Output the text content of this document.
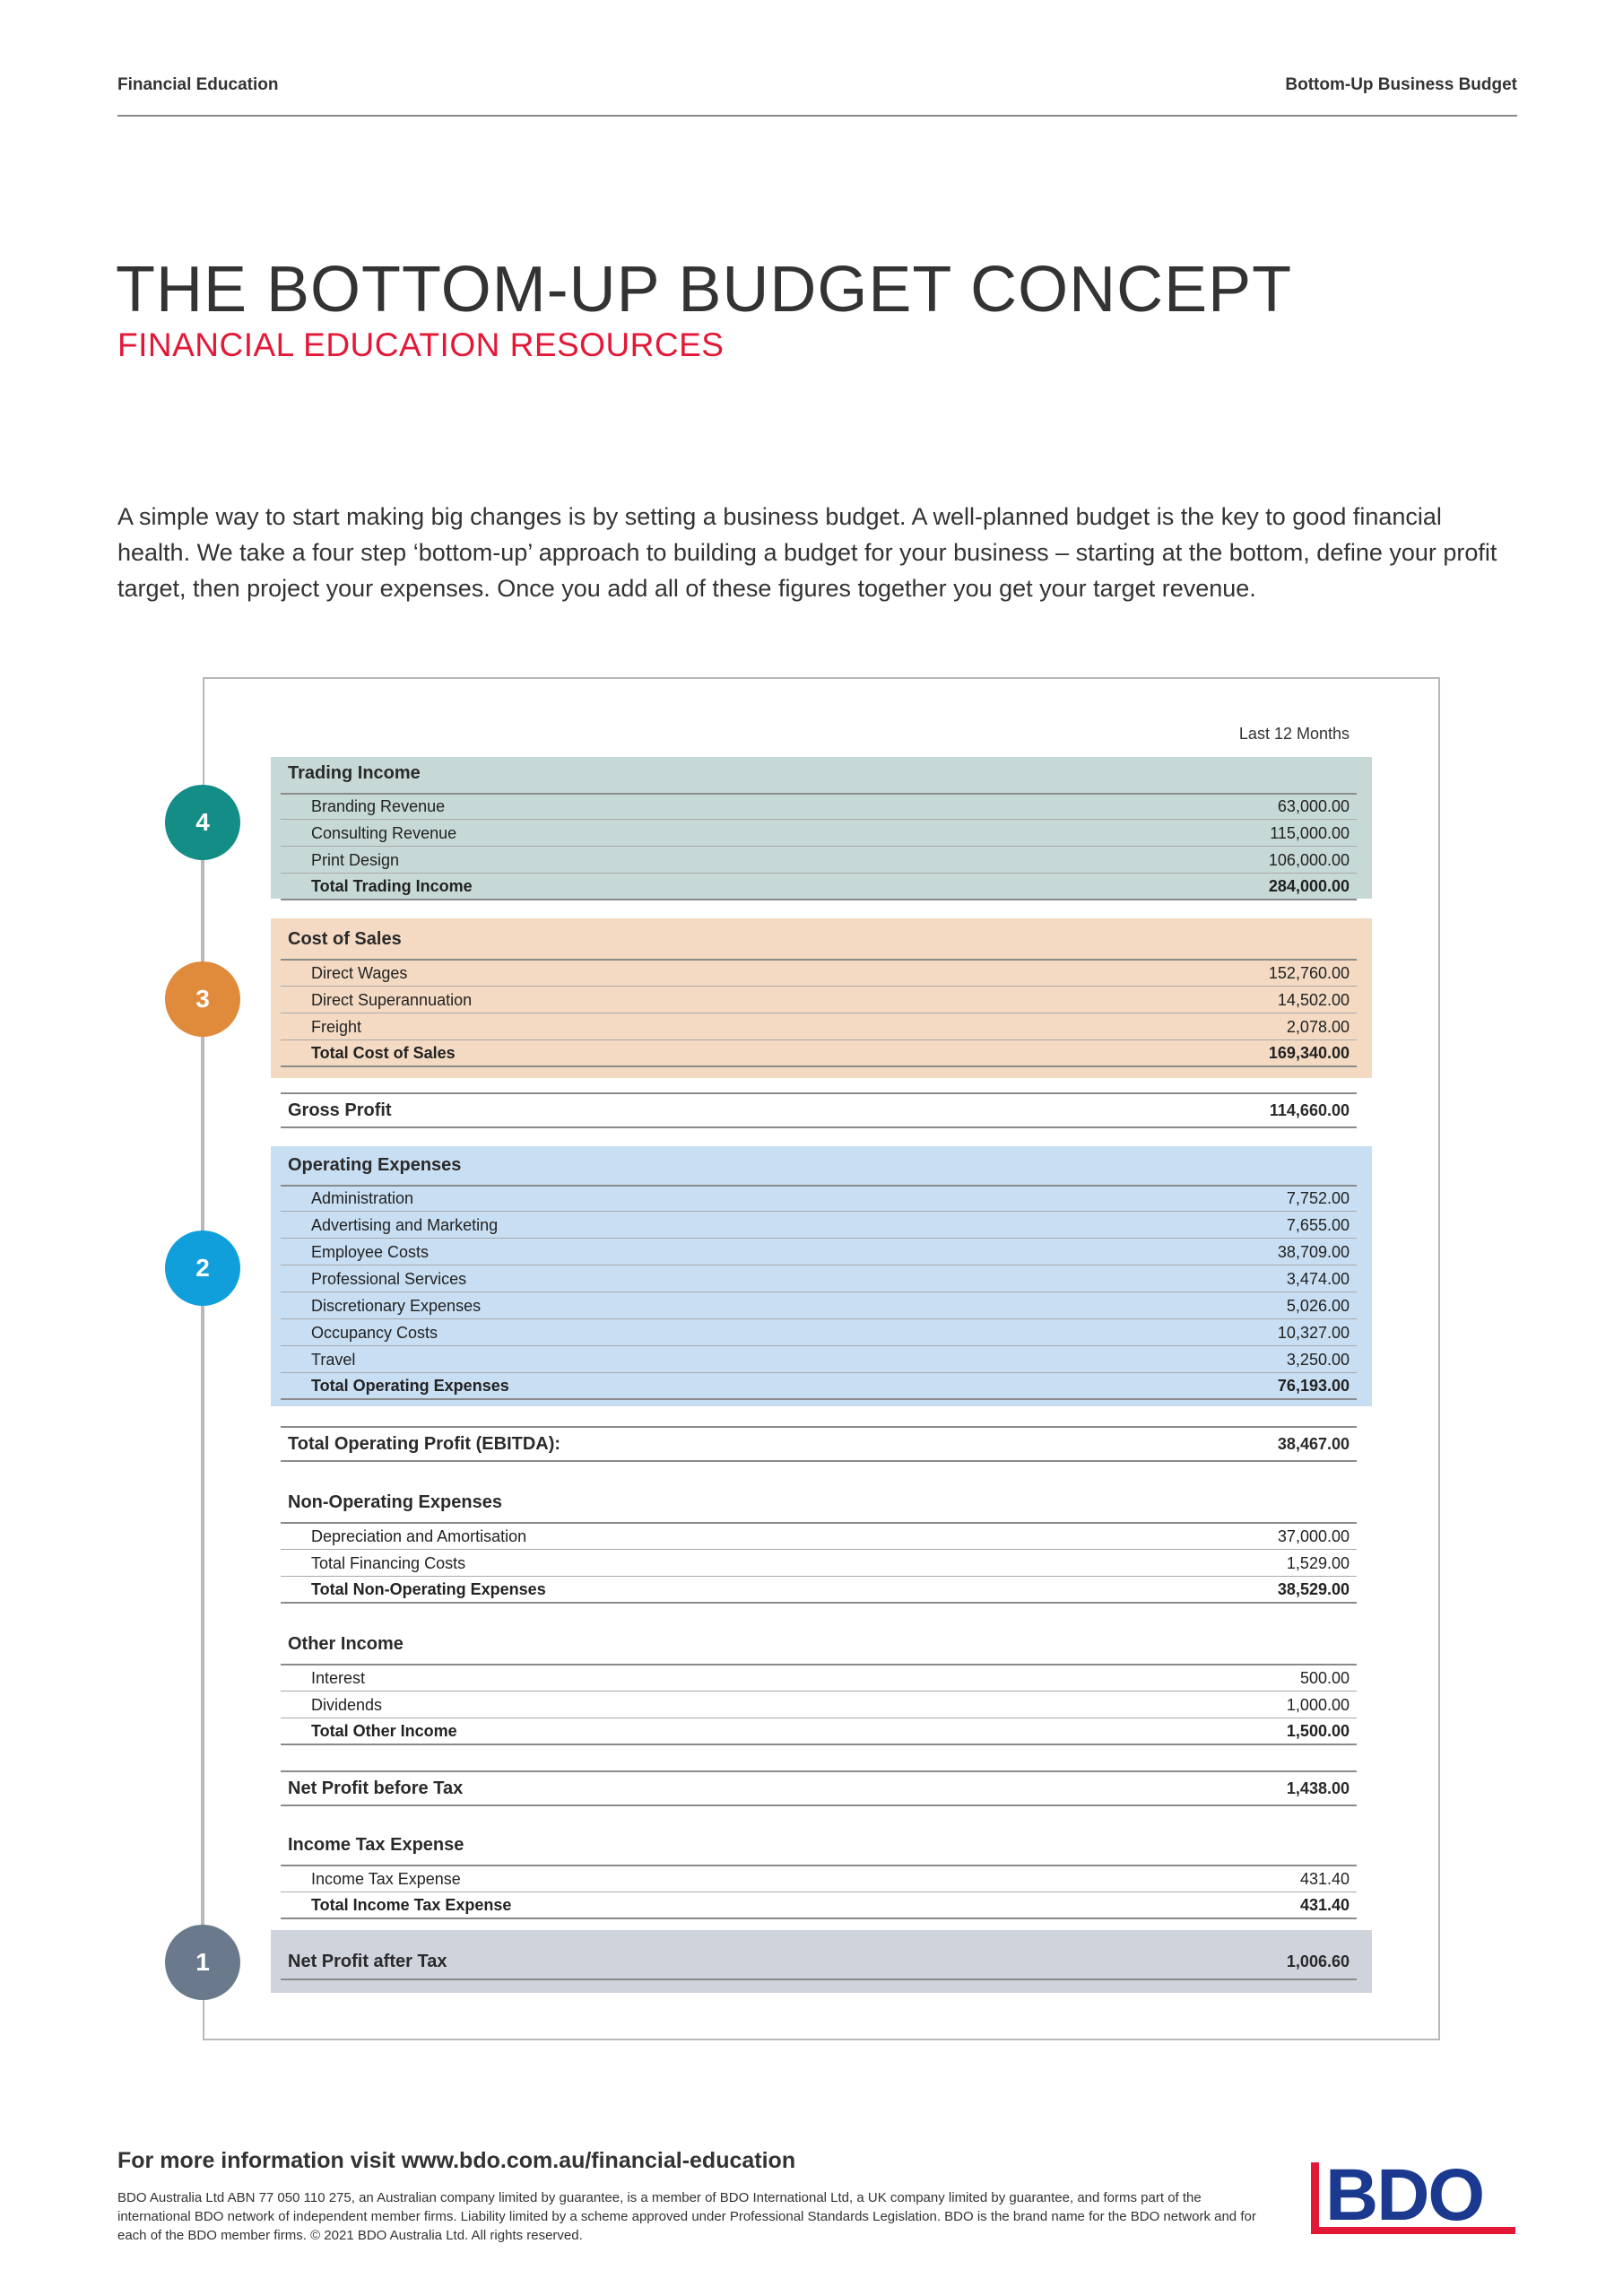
Financial Education	Bottom-Up Business Budget
THE BOTTOM-UP BUDGET CONCEPT
FINANCIAL EDUCATION RESOURCES

A simple way to start making big changes is by setting a business budget. A well-planned budget is the key to good financial health. We take a four step ‘bottom-up’ approach to building a budget for your business – starting at the bottom, define your profit target, then project your expenses. Once you add all of these figures together you get your target revenue.

4
3
2
1
Last 12 Months
Trading Income
Branding Revenue	63,000.00
Consulting Revenue	115,000.00
Print Design	106,000.00
Total Trading Income	284,000.00
Cost of Sales
Direct Wages	152,760.00
Direct Superannuation	14,502.00
Freight	2,078.00
Total Cost of Sales	169,340.00
Gross Profit	114,660.00
Operating Expenses
Administration	7,752.00
Advertising and Marketing	7,655.00
Employee Costs	38,709.00
Professional Services	3,474.00
Discretionary Expenses	5,026.00
Occupancy Costs	10,327.00
Travel	3,250.00
Total Operating Expenses	76,193.00
Total Operating Profit (EBITDA):	38,467.00
Non-Operating Expenses
Depreciation and Amortisation	37,000.00
Total Financing Costs	1,529.00
Total Non-Operating Expenses	38,529.00
Other Income
Interest	500.00
Dividends	1,000.00
Total Other Income	1,500.00
Net Profit before Tax	1,438.00
Income Tax Expense
Income Tax Expense	431.40
Total Income Tax Expense	431.40
Net Profit after Tax	1,006.60
For more information visit www.bdo.com.au/financial-education

BDO Australia Ltd ABN 77 050 110 275, an Australian company limited by guarantee, is a member of BDO International Ltd, a UK company limited by guarantee, and forms part of the international BDO network of independent member firms. Liability limited by a scheme approved under Professional Standards Legislation. BDO is the brand name for the BDO network and for each of the BDO member firms. © 2021 BDO Australia Ltd. All rights reserved.	BDO
